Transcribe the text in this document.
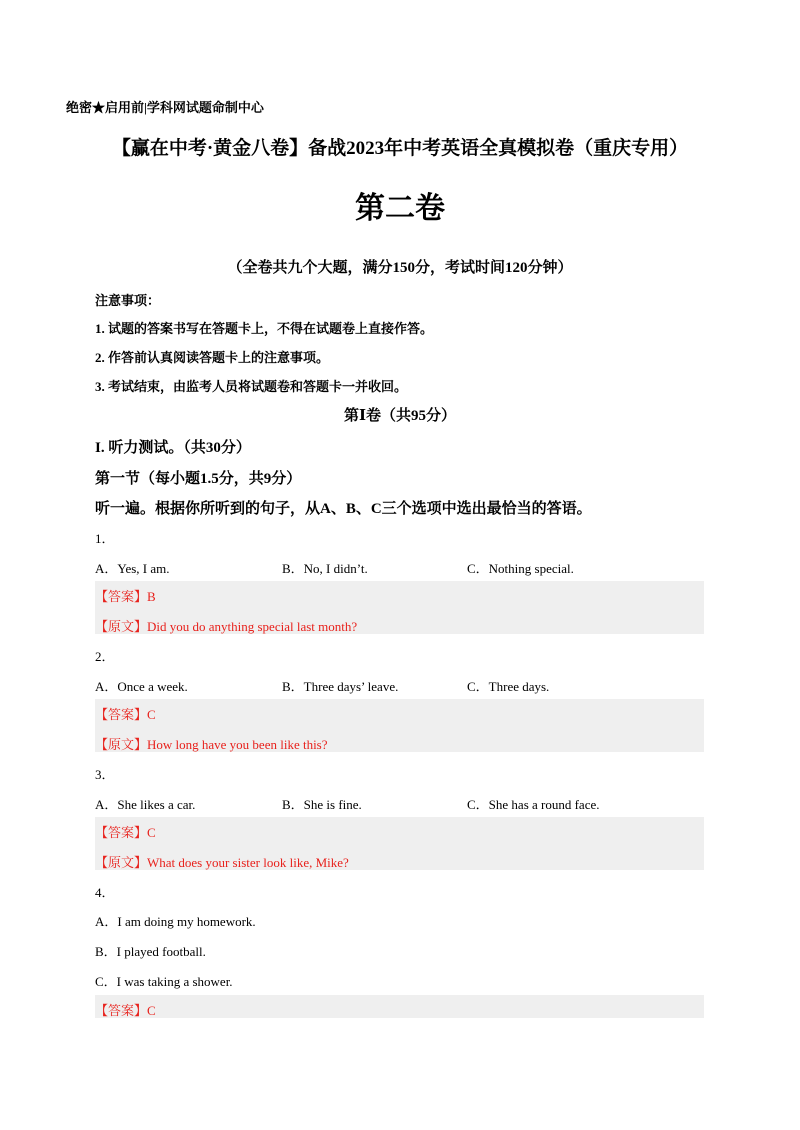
绝密★启用前|学科网试题命制中心
【赢在中考·黄金八卷】备战2023年中考英语全真模拟卷（重庆专用）
第二卷
（全卷共九个大题，满分150分，考试时间120分钟）
注意事项：
1. 试题的答案书写在答题卡上，不得在试题卷上直接作答。
2. 作答前认真阅读答题卡上的注意事项。
3. 考试结束，由监考人员将试题卷和答题卡一并收回。
第Ⅰ卷（共95分）
I. 听力测试。（共30分）
第一节（每小题1.5分，共9分）
听一遍。根据你所听到的句子，从A、B、C三个选项中选出最恰当的答语。
1．
A．Yes, I am.	B．No, I didn’t.	C．Nothing special.
【答案】B
【原文】Did you do anything special last month?
2．
A．Once a week.	B．Three days’ leave.	C．Three days.
【答案】C
【原文】How long have you been like this?
3．
A．She likes a car.	B．She is fine.	C．She has a round face.
【答案】C
【原文】What does your sister look like, Mike?
4．
A．I am doing my homework.
B．I played football.
C．I was taking a shower.
【答案】C
